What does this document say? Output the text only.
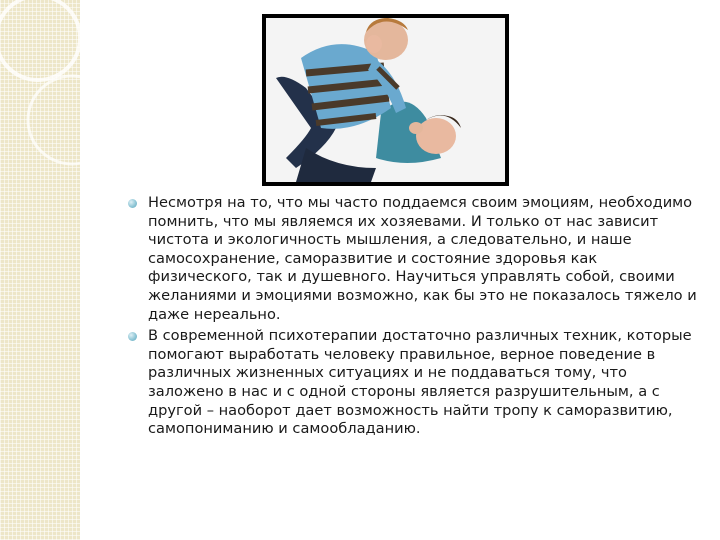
Несмотря на то, что мы часто поддаемся своим эмоциям, необходимо помнить, что мы являемся их хозяевами. И только от нас зависит чистота и экологичность мышления, а следовательно, и наше самосохранение, саморазвитие и состояние здоровья как физического, так и душевного. Научиться управлять собой, своими желаниями и эмоциями возможно, как бы это не показалось тяжело и даже нереально.
В современной психотерапии достаточно различных техник, которые помогают выработать человеку правильное, верное поведение в различных жизненных ситуациях и не поддаваться тому, что заложено в нас и с одной стороны является разрушительным, а с другой – наоборот дает возможность найти тропу к саморазвитию, самопониманию и самообладанию.
